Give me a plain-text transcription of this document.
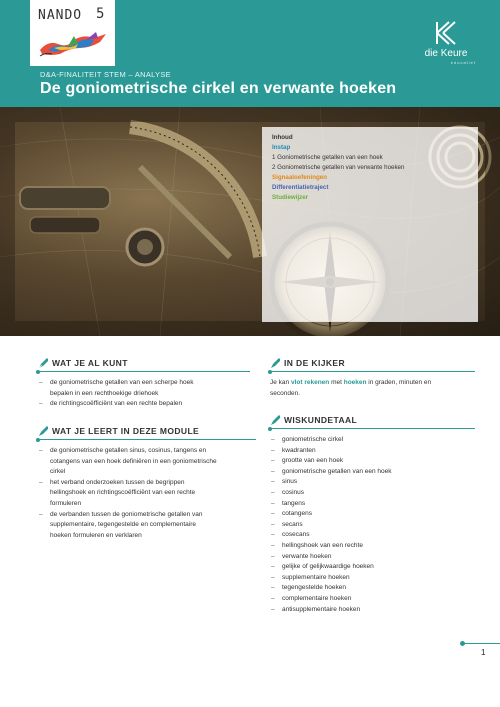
NANDO 5
die Keure
educatief
D&A-FINALITEIT STEM – ANALYSE
De goniometrische cirkel en verwante hoeken
Inhoud
Instap
1 Goniometrische getallen van een hoek
2 Goniometrische getallen van verwante hoeken
Signaaloefeningen
Differentiatietraject
Studiewijzer
WAT JE AL KUNT
– de goniometrische getallen van een scherpe hoek
bepalen in een rechthoekige driehoek
– de richtingscoëfficiënt van een rechte bepalen
WAT JE LEERT IN DEZE MODULE
– de goniometrische getallen sinus, cosinus, tangens en
cotangens van een hoek definiëren in een goniometrische
cirkel
– het verband onderzoeken tussen de begrippen
hellingshoek en richtingscoëfficiënt van een rechte
formuleren
– de verbanden tussen de goniometrische getallen van
supplementaire, tegengestelde en complementaire
hoeken formuleren en verklaren
IN DE KIJKER
Je kan vlot rekenen met hoeken in graden, minuten en
seconden.
WISKUNDETAAL
– goniometrische cirkel
– kwadranten
– grootte van een hoek
– goniometrische getallen van een hoek
– sinus
– cosinus
– tangens
– cotangens
– secans
– cosecans
– hellingshoek van een rechte
– verwante hoeken
– gelijke of gelijkwaardige hoeken
– supplementaire hoeken
– tegengestelde hoeken
– complementaire hoeken
– antisupplementaire hoeken
1
